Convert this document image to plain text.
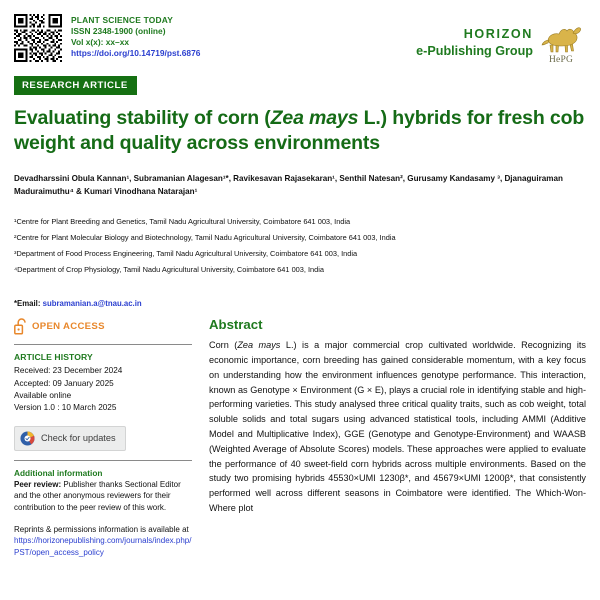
PLANT SCIENCE TODAY
ISSN 2348-1900 (online)
Vol x(x): xx–xx
https://doi.org/10.14719/pst.6876
HORIZON
e-Publishing Group
HePG
RESEARCH ARTICLE
Evaluating stability of corn (Zea mays L.) hybrids for fresh cob weight and quality across environments
Devadharssini Obula Kannan¹, Subramanian Alagesan¹*, Ravikesavan Rajasekaran¹, Senthil Natesan², Gurusamy Kandasamy ³, Djanaguiraman Maduraimuthu⁴ & Kumari Vinodhana Natarajan¹
¹Centre for Plant Breeding and Genetics, Tamil Nadu Agricultural University, Coimbatore 641 003, India
²Centre for Plant Molecular Biology and Biotechnology, Tamil Nadu Agricultural University, Coimbatore 641 003, India
³Department of Food Process Engineering, Tamil Nadu Agricultural University, Coimbatore 641 003, India
⁴Department of Crop Physiology, Tamil Nadu Agricultural University, Coimbatore 641 003, India
*Email: subramanian.a@tnau.ac.in
OPEN ACCESS
ARTICLE HISTORY
Received: 23 December 2024
Accepted: 09 January 2025
Available online
Version 1.0 : 10 March 2025
Check for updates
Additional information
Peer review: Publisher thanks Sectional Editor and the other anonymous reviewers for their contribution to the peer review of this work.
Reprints & permissions information is available at https://horizonepublishing.com/journals/index.php/PST/open_access_policy
Abstract
Corn (Zea mays L.) is a major commercial crop cultivated worldwide. Recognizing its economic importance, corn breeding has gained considerable momentum, with a key focus on understanding how the environment influences genotype performance. This interaction, known as Genotype × Environment (G × E), plays a crucial role in identifying stable and high-performing varieties. This study analysed three critical quality traits, such as cob weight, total soluble solids and total sugars using advanced statistical tools, including AMMI (Additive Model and Multiplicative Index), GGE (Genotype and Genotype-Environment) and WAASB (Weighted Average of Absolute Scores) models. These approaches were applied to evaluate the performance of 40 sweet-field corn hybrids across multiple environments. Based on the study two promising hybrids 45530×UMI 1230β*, and 45679×UMI 1200β*, that consistently performed well across different seasons in Coimbatore were identified. The Which-Won-Where plot
